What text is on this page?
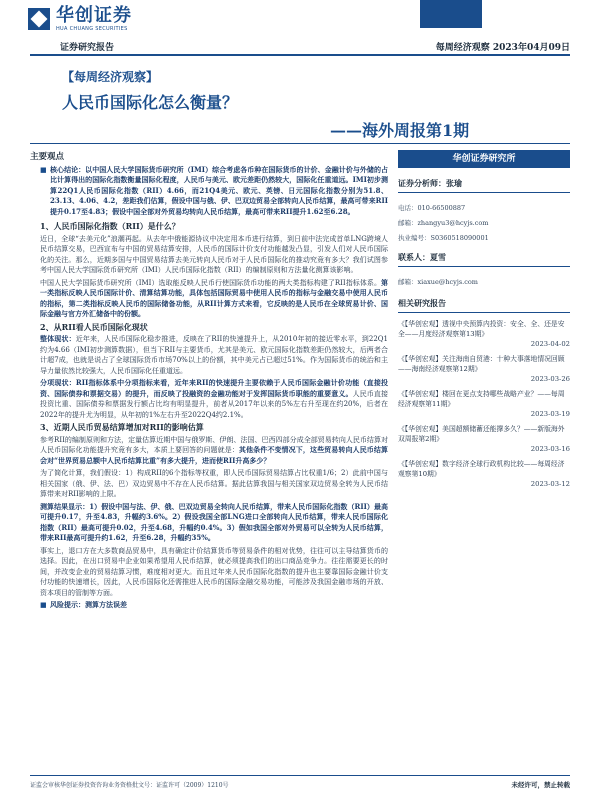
华创证券
HUA CHUANG SECURITIES
证券研究报告	每周经济观察 2023年04月09日
【每周经济观察】
人民币国际化怎么衡量？
——海外周报第1期
主要观点
■ 核心结论：以中国人民大学国际货币研究所（IMI）综合考虑各币种在国际货币的计价、金融计价与外储的占比计算得出的国际化指数衡量国际化程度，人民币与美元、欧元差距仍然较大，国际化任重道远。IMI初步测算22Q1人民币国际化指数（RII）4.66，而21Q4美元、欧元、英镑、日元国际化指数分别为51.8、23.13、4.06、4.2，差距我们估算，假设中国与俄、伊、巴双边贸易全部转向人民币结算，最高可带来RII提升0.17至4.83；假设中国全部对外贸易均转向人民币结算，最高可带来RII提升1.62至6.28。

1、人民币国际化指数（RII）是什么？

近日，全球“去美元化”浪潮再起。从去年中俄能源协议中决定用本币进行结算，到日前中法完成首单LNG跨境人民币结算交易，巴西宣布与中国的贸易结算安排，人民币的国际计价支付功能越发凸显，引发人们对人民币国际化的关注。那么，近期多国与中国贸易结算去美元转向人民币对于人民币国际化的推动究竟有多大？我们试图参考中国人民大学国际货币研究所（IMI）人民币国际化指数（RII）的编制原则和方法量化测算该影响。

中国人民大学国际货币研究所（IMI）选取能反映人民币行使国际货币功能的两大类指标构建了RII指标体系。第一类指标反映人民币国际计价、清算结算功能，具体包括国际贸易中使用人民币的指标与金融交易中使用人民币的指标，第二类指标反映人民币的国际储备功能，从RII计算方式来看，它反映的是人民币在全球贸易计价、国际金融与官方外汇储备中的份额。

2、从RII看人民币国际化现状

整体现状：近年来，人民币国际化稳步推进，反映在了RII的快速提升上，从2010年初的接近零水平，到22Q1约为4.66（IMI初步测算数据），但当下RII与主要货币，尤其是美元、欧元国际化指数差距仍然较大，后两者合计超7成，也就是说占了全球国际货币市场70%以上的份额，其中美元占已超过51%。作为国际货币的统治和主导力量依然比较强大，人民币国际化任重道远。

分项现状：RII指标体系中分项指标来看，近年来RII的快速提升主要依赖于人民币国际金融计价功能（直接投资、国际债券和票据交易）的提升，而反映了投融资的金融功能对于发挥国际货币职能的重要意义。人民币直接投资比重、国际债券和票据发行额占比均有明显提升，前者从2017年以来的5%左右升至现在约20%，后者在2022年的提升尤为明显，从年初的1%左右升至2022Q4约2.1%。

3、近期人民币贸易结算增加对RII的影响估算

参考RII的编制原则和方法，定量估算近期中国与俄罗斯、伊朗、法国、巴西四部分成全部贸易转向人民币结算对人民币国际化功能提升究竟有多大，本质上要回答的问题就是：其他条件不变情况下，这些贸易转向人民币结算会对“世界贸易总额中人民币结算比重”有多大提升，进而使RII升高多少？

为了简化计算，我们假设：1）构成RII的6个指标等权重，即人民币国际贸易结算占比权重1/6；2）此前中国与相关国家（俄、伊、法、巴）双边贸易中不存在人民币结算。据此估算我国与相关国家双边贸易全转为人民币结算带来对RII影响的上限。

测算结果显示：1）假设中国与法、伊、俄、巴双边贸易全转向人民币结算，带来人民币国际化指数（RII）最高可提升0.17，升至4.83，升幅约3.6%。2）假设我国全部LNG进口全部转向人民币结算，带来人民币国际化指数（RII）最高可提升0.02，升至4.68，升幅约0.4%。3）假如我国全部对外贸易可以全转为人民币结算，带来RII最高可提升约1.62，升至6.28，升幅约35%。

事实上，退口方在大多数商品贸易中，具有确定计价结算货币等贸易条件的相对优势，往往可以主导结算货币的选择。因此，在出口贸易中企业如果希望用人民币结算，就必须提高我们的出口商品竞争力。往往需要更长的时间，并改变企业的贸易结算习惯，难度相对更大。而且过年来人民币国际化指数的提升也主要靠国际金融计价支付功能的快速增长，因此，人民币国际化还需推进人民币的国际金融交易功能，可能涉及我国金融市场的开放、资本项目的管制等方面。

■ 风险提示：测算方法误差

华创证券研究所
证券分析师：张瑜
电话：010-66500887
邮箱：zhangyu3@hcyjs.com
执业编号：S0360518090001
联系人：夏雪
邮箱：xiaxue@hcyjs.com
相关研究报告
《【华创宏观】透视中央预算内投资：安全、全、还是安全——月度经济观察第13期》
2023-04-02
《【华创宏观】关注海南自贸港：十种大事落地情况回顾——海南经济观察第12期》
2023-03-26
《【华创宏观】楼回在更点支持哪些战略产业？——每周经济观察第11期》
2023-03-19
《【华创宏观】美国超额储蓄还能撑多久？——新版海外双周报第2期》
2023-03-16
《【华创宏观】数字经济全球行政机构比较——每周经济观察第10期》
2023-03-12
证监会审核华创证券投资咨询业务资格批文号：证监许可（2009）1210号	未经许可，禁止转载
